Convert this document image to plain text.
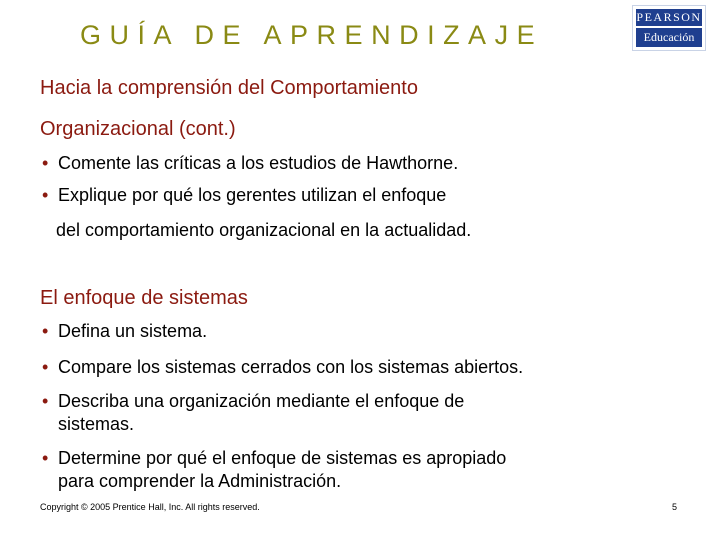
GUÍA DE APRENDIZAJE
PEARSON
Educación
Hacia la comprensión del Comportamiento
Organizacional (cont.)
• Comente las críticas a los estudios de Hawthorne.
• Explique por qué los gerentes utilizan el enfoque
del comportamiento organizacional en la actualidad.
El enfoque de sistemas
• Defina un sistema.
• Compare los sistemas cerrados con los sistemas abiertos.
• Describa una organización mediante el enfoque de
sistemas.
• Determine por qué el enfoque de sistemas es apropiado
para comprender la Administración.
Copyright © 2005 Prentice Hall, Inc. All rights reserved.	5
